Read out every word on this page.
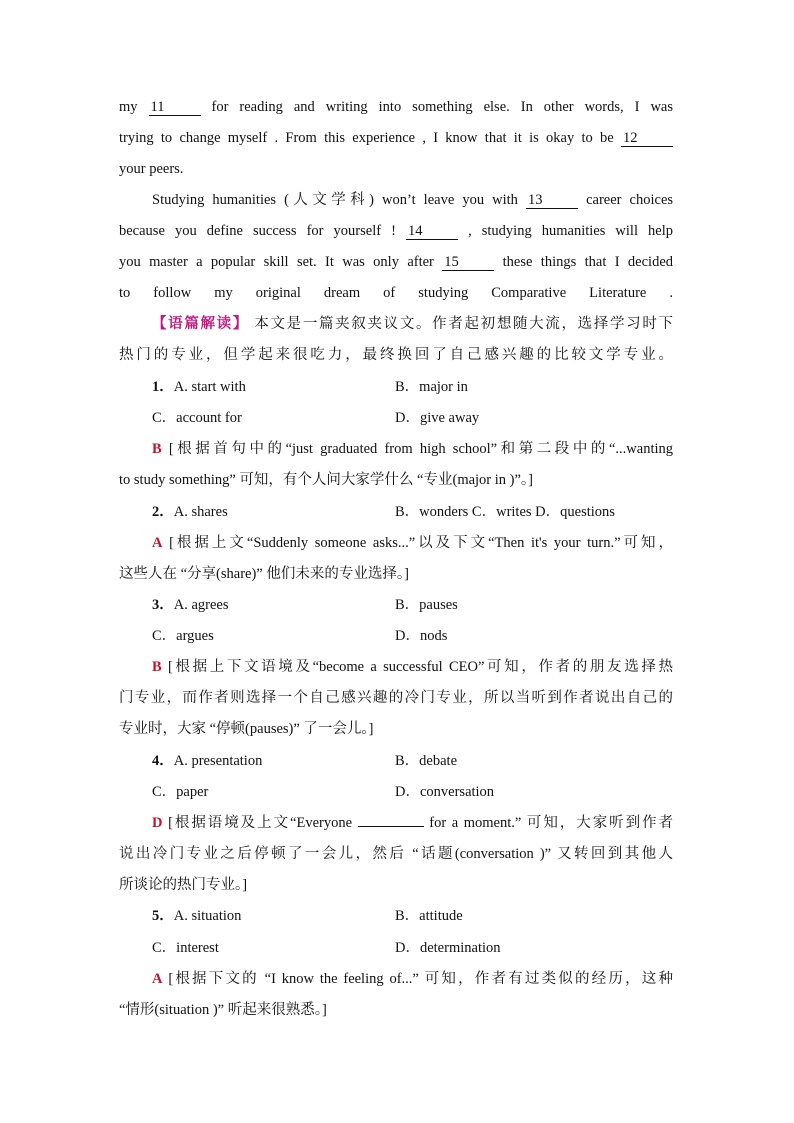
my 11	for reading and writing into something else. In other words, I was
trying to change myself . From this experience , I know that it is okay to be 12
your peers.
Studying humanities (人文学科) won’t leave you with 13	career choices
because you define success for yourself ! 14	, studying humanities will help
you master a popular skill set. It was only after 15	these things that I decided
to follow my original dream of studying Comparative Literature .
【语篇解读】 本文是一篇夹叙夹议文。作者起初想随大流，选择学习时下
热门的专业，但学起来很吃力，最终换回了自己感兴趣的比较文学专业。
1．A. start with	B．major in
C．account for	D．give away
B [根据首句中的“just graduated from high school”和第二段中的“...wanting
to study something” 可知，有个人问大家学什么 “专业(major in )”。]
2．A. shares	B．wonders C．writes D．questions
A [根据上文“Suddenly someone asks...”以及下文“Then it's your turn.”可知，
这些人在 “分享(share)” 他们未来的专业选择。]
3．A. agrees	B．pauses
C．argues	D．nods
B [根据上下文语境及“become a successful CEO”可知，作者的朋友选择热
门专业，而作者则选择一个自己感兴趣的冷门专业，所以当听到作者说出自己的
专业时，大家 “停顿(pauses)” 了一会儿。]
4．A. presentation	B．debate
C．paper	D．conversation
D [根据语境及上文“Everyone	for a moment.” 可知，大家听到作者
说出冷门专业之后停顿了一会儿，然后 “话题(conversation )” 又转回到其他人
所谈论的热门专业。]
5．A. situation	B．attitude
C．interest	D．determination
A [根据下文的 “I know the feeling of...” 可知，作者有过类似的经历，这种
“情形(situation )” 听起来很熟悉。]
